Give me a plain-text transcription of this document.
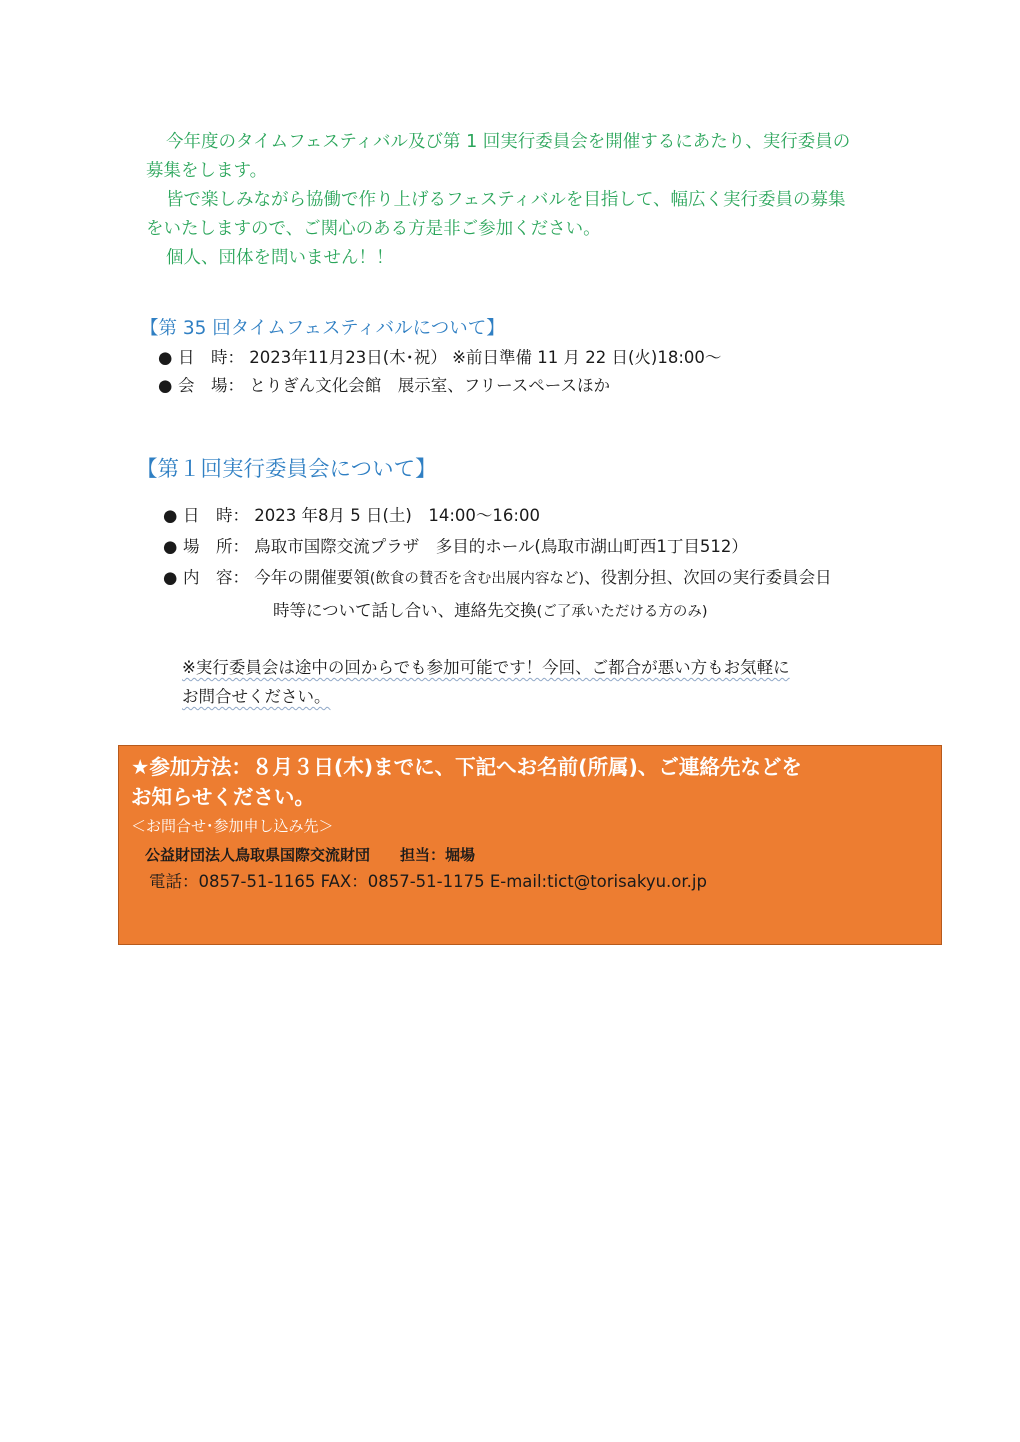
今年度のタイムフェスティバル及び第 1 回実行委員会を開催するにあたり、実行委員の

募集をします。

皆で楽しみながら協働で作り上げるフェスティバルを目指して、幅広く実行委員の募集

をいたしますので、ご関心のある方是非ご参加ください。

個人、団体を問いません！！

【第 35 回タイムフェスティバルについて】
● 日　時： 2023年11月23日(木･祝） ※前日準備 11 月 22 日(火)18:00～
● 会　場： とりぎん文化会館　展示室、フリースペースほか
【第１回実行委員会について】
● 日　時： 2023 年8月 5 日(土)　14:00～16:00
● 場　所： 鳥取市国際交流プラザ　多目的ホール(鳥取市湖山町西1丁目512）
● 内　容： 今年の開催要領(飲食の賛否を含む出展内容など)、役割分担、次回の実行委員会日
時等について話し合い、連絡先交換(ご了承いただける方のみ)
※実行委員会は途中の回からでも参加可能です！今回、ご都合が悪い方もお気軽に
お問合せください。

★参加方法：８月３日(木)までに、下記へお名前(所属)、ご連絡先などを

お知らせください。

＜お問合せ･参加申し込み先＞
公益財団法人鳥取県国際交流財団　　担当：堀場
電話：0857-51-1165 FAX：0857-51-1175 E-mail:tict@torisakyu.or.jp
